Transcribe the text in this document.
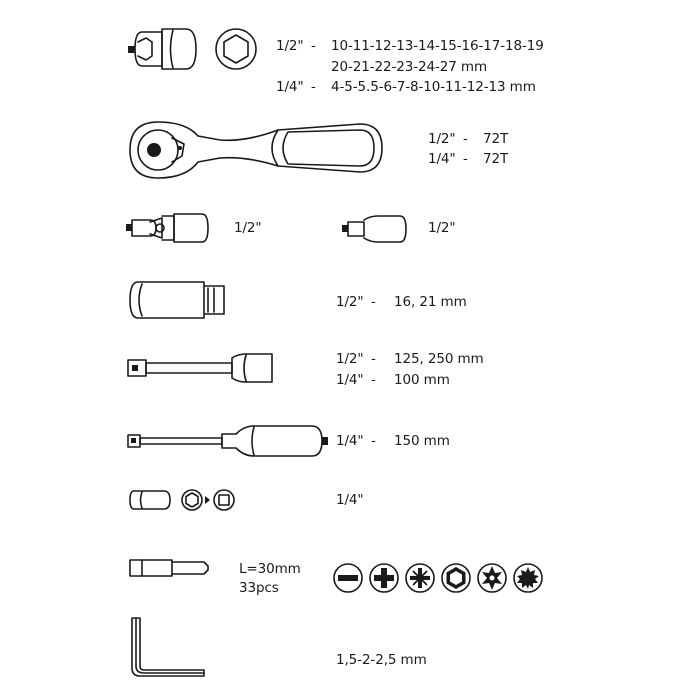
1/2" - 10-11-12-13-14-15-16-17-18-19
20-21-22-23-24-27 mm
1/4" - 4-5-5.5-6-7-8-10-11-12-13 mm
1/2" - 72T
1/4" - 72T
1/2"	1/2"
1/2" - 16, 21 mm
1/2" - 125, 250 mm
1/4" - 100 mm
1/4" - 150 mm
1/4"
L=30mm
33pcs
1,5-2-2,5 mm
